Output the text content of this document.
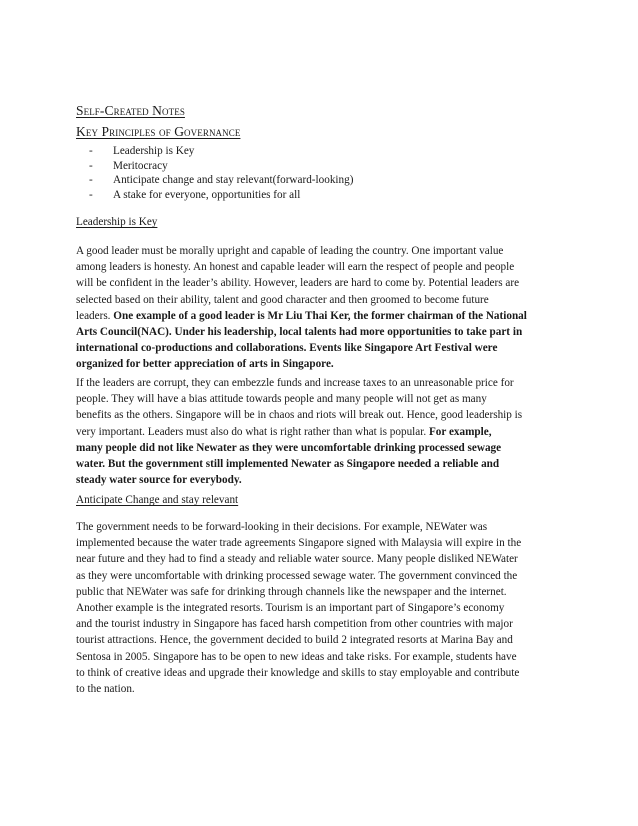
Self-Created Notes
Key Principles of Governance
- Leadership is Key
- Meritocracy
- Anticipate change and stay relevant(forward-looking)
- A stake for everyone, opportunities for all
Leadership is Key
A good leader must be morally upright and capable of leading the country. One important value
among leaders is honesty. An honest and capable leader will earn the respect of people and people
will be confident in the leader’s ability. However, leaders are hard to come by. Potential leaders are
selected based on their ability, talent and good character and then groomed to become future
leaders. One example of a good leader is Mr Liu Thai Ker, the former chairman of the National
Arts Council(NAC). Under his leadership, local talents had more opportunities to take part in
international co-productions and collaborations. Events like Singapore Art Festival were
organized for better appreciation of arts in Singapore.
If the leaders are corrupt, they can embezzle funds and increase taxes to an unreasonable price for
people. They will have a bias attitude towards people and many people will not get as many
benefits as the others. Singapore will be in chaos and riots will break out. Hence, good leadership is
very important. Leaders must also do what is right rather than what is popular. For example,
many people did not like Newater as they were uncomfortable drinking processed sewage
water. But the government still implemented Newater as Singapore needed a reliable and
steady water source for everybody.
Anticipate Change and stay relevant
The government needs to be forward-looking in their decisions. For example, NEWater was
implemented because the water trade agreements Singapore signed with Malaysia will expire in the
near future and they had to find a steady and reliable water source. Many people disliked NEWater
as they were uncomfortable with drinking processed sewage water. The government convinced the
public that NEWater was safe for drinking through channels like the newspaper and the internet.
Another example is the integrated resorts. Tourism is an important part of Singapore’s economy
and the tourist industry in Singapore has faced harsh competition from other countries with major
tourist attractions. Hence, the government decided to build 2 integrated resorts at Marina Bay and
Sentosa in 2005. Singapore has to be open to new ideas and take risks. For example, students have
to think of creative ideas and upgrade their knowledge and skills to stay employable and contribute
to the nation.
